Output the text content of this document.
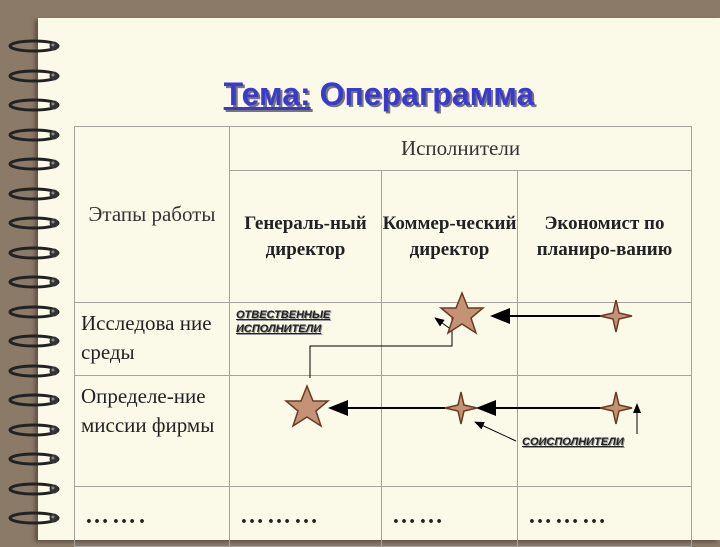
Тема: Операграмма
Этапы работы	Исполнители		
	Генераль-ный директор	Коммер-ческий директор	Экономист по планиро-ванию
Исследова ние среды			
Определе-ние миссии фирмы			
…….	………	……	………
ОТВЕСТВЕННЫЕ ИСПОЛНИТЕЛИ
СОИСПОЛНИТЕЛИ
